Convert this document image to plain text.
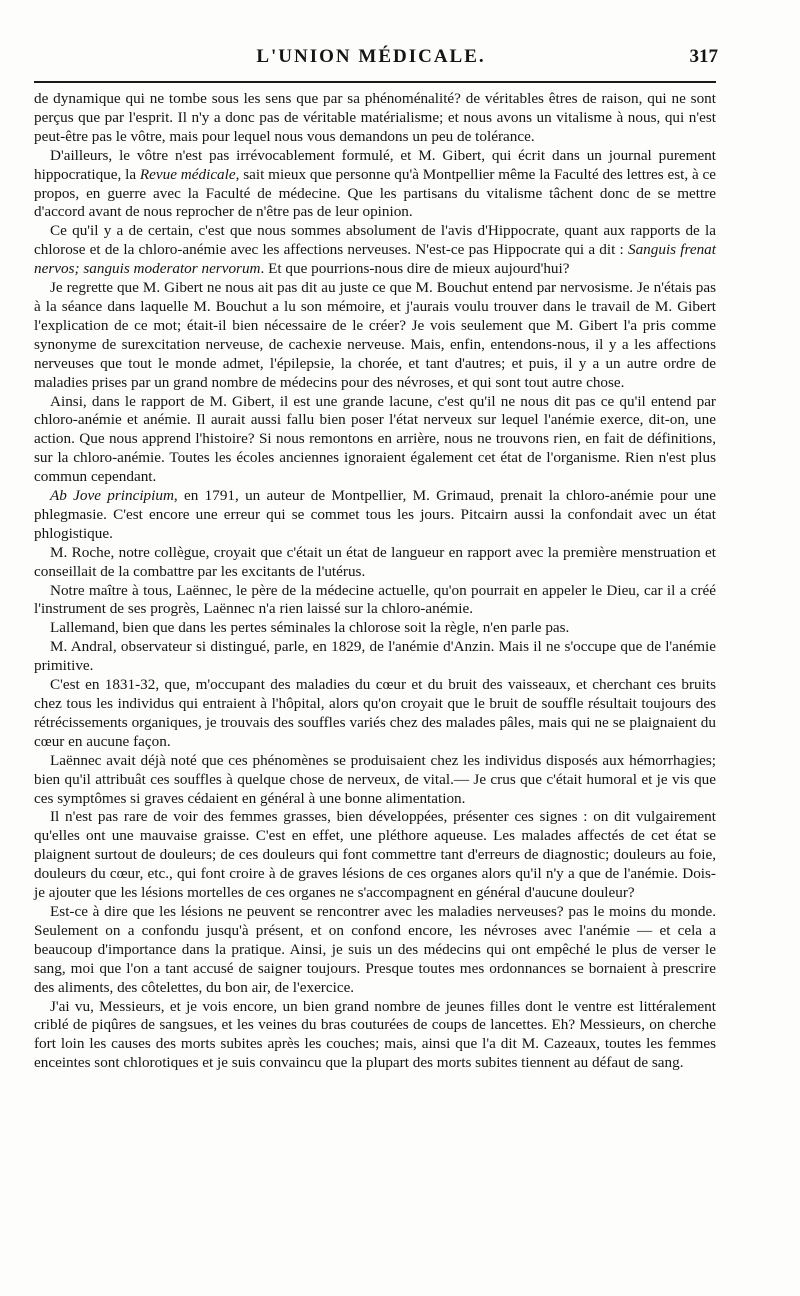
L'UNION MÉDICALE.	317

de dynamique qui ne tombe sous les sens que par sa phénoménalité? de véritables êtres de raison, qui ne sont perçus que par l'esprit. Il n'y a donc pas de véritable matérialisme; et nous avons un vitalisme à nous, qui n'est peut-être pas le vôtre, mais pour lequel nous vous demandons un peu de tolérance.

D'ailleurs, le vôtre n'est pas irrévocablement formulé, et M. Gibert, qui écrit dans un journal purement hippocratique, la Revue médicale, sait mieux que personne qu'à Montpellier même la Faculté des lettres est, à ce propos, en guerre avec la Faculté de médecine. Que les partisans du vitalisme tâchent donc de se mettre d'accord avant de nous reprocher de n'être pas de leur opinion.

Ce qu'il y a de certain, c'est que nous sommes absolument de l'avis d'Hippocrate, quant aux rapports de la chlorose et de la chloro-anémie avec les affections nerveuses. N'est-ce pas Hippocrate qui a dit : Sanguis frenat nervos; sanguis moderator nervorum. Et que pourrions-nous dire de mieux aujourd'hui?

Je regrette que M. Gibert ne nous ait pas dit au juste ce que M. Bouchut entend par nervosisme. Je n'étais pas à la séance dans laquelle M. Bouchut a lu son mémoire, et j'aurais voulu trouver dans le travail de M. Gibert l'explication de ce mot; était-il bien nécessaire de le créer? Je vois seulement que M. Gibert l'a pris comme synonyme de surexcitation nerveuse, de cachexie nerveuse. Mais, enfin, entendons-nous, il y a les affections nerveuses que tout le monde admet, l'épilepsie, la chorée, et tant d'autres; et puis, il y a un autre ordre de maladies prises par un grand nombre de médecins pour des névroses, et qui sont tout autre chose.

Ainsi, dans le rapport de M. Gibert, il est une grande lacune, c'est qu'il ne nous dit pas ce qu'il entend par chloro-anémie et anémie. Il aurait aussi fallu bien poser l'état nerveux sur lequel l'anémie exerce, dit-on, une action. Que nous apprend l'histoire? Si nous remontons en arrière, nous ne trouvons rien, en fait de définitions, sur la chloro-anémie. Toutes les écoles anciennes ignoraient également cet état de l'organisme. Rien n'est plus commun cependant.

Ab Jove principium, en 1791, un auteur de Montpellier, M. Grimaud, prenait la chloro-anémie pour une phlegmasie. C'est encore une erreur qui se commet tous les jours. Pitcairn aussi la confondait avec un état phlogistique.

M. Roche, notre collègue, croyait que c'était un état de langueur en rapport avec la première menstruation et conseillait de la combattre par les excitants de l'utérus.

Notre maître à tous, Laënnec, le père de la médecine actuelle, qu'on pourrait en appeler le Dieu, car il a créé l'instrument de ses progrès, Laënnec n'a rien laissé sur la chloro-anémie.

Lallemand, bien que dans les pertes séminales la chlorose soit la règle, n'en parle pas.

M. Andral, observateur si distingué, parle, en 1829, de l'anémie d'Anzin. Mais il ne s'occupe que de l'anémie primitive.

C'est en 1831-32, que, m'occupant des maladies du cœur et du bruit des vaisseaux, et cherchant ces bruits chez tous les individus qui entraient à l'hôpital, alors qu'on croyait que le bruit de souffle résultait toujours des rétrécissements organiques, je trouvais des souffles variés chez des malades pâles, mais qui ne se plaignaient du cœur en aucune façon.

Laënnec avait déjà noté que ces phénomènes se produisaient chez les individus disposés aux hémorrhagies; bien qu'il attribuât ces souffles à quelque chose de nerveux, de vital.— Je crus que c'était humoral et je vis que ces symptômes si graves cédaient en général à une bonne alimentation.

Il n'est pas rare de voir des femmes grasses, bien développées, présenter ces signes : on dit vulgairement qu'elles ont une mauvaise graisse. C'est en effet, une pléthore aqueuse. Les malades affectés de cet état se plaignent surtout de douleurs; de ces douleurs qui font commettre tant d'erreurs de diagnostic; douleurs au foie, douleurs du cœur, etc., qui font croire à de graves lésions de ces organes alors qu'il n'y a que de l'anémie. Dois-je ajouter que les lésions mortelles de ces organes ne s'accompagnent en général d'aucune douleur?

Est-ce à dire que les lésions ne peuvent se rencontrer avec les maladies nerveuses? pas le moins du monde. Seulement on a confondu jusqu'à présent, et on confond encore, les névroses avec l'anémie — et cela a beaucoup d'importance dans la pratique. Ainsi, je suis un des médecins qui ont empêché le plus de verser le sang, moi que l'on a tant accusé de saigner toujours. Presque toutes mes ordonnances se bornaient à prescrire des aliments, des côtelettes, du bon air, de l'exercice.

J'ai vu, Messieurs, et je vois encore, un bien grand nombre de jeunes filles dont le ventre est littéralement criblé de piqûres de sangsues, et les veines du bras couturées de coups de lancettes. Eh? Messieurs, on cherche fort loin les causes des morts subites après les couches; mais, ainsi que l'a dit M. Cazeaux, toutes les femmes enceintes sont chlorotiques et je suis convaincu que la plupart des morts subites tiennent au défaut de sang.
